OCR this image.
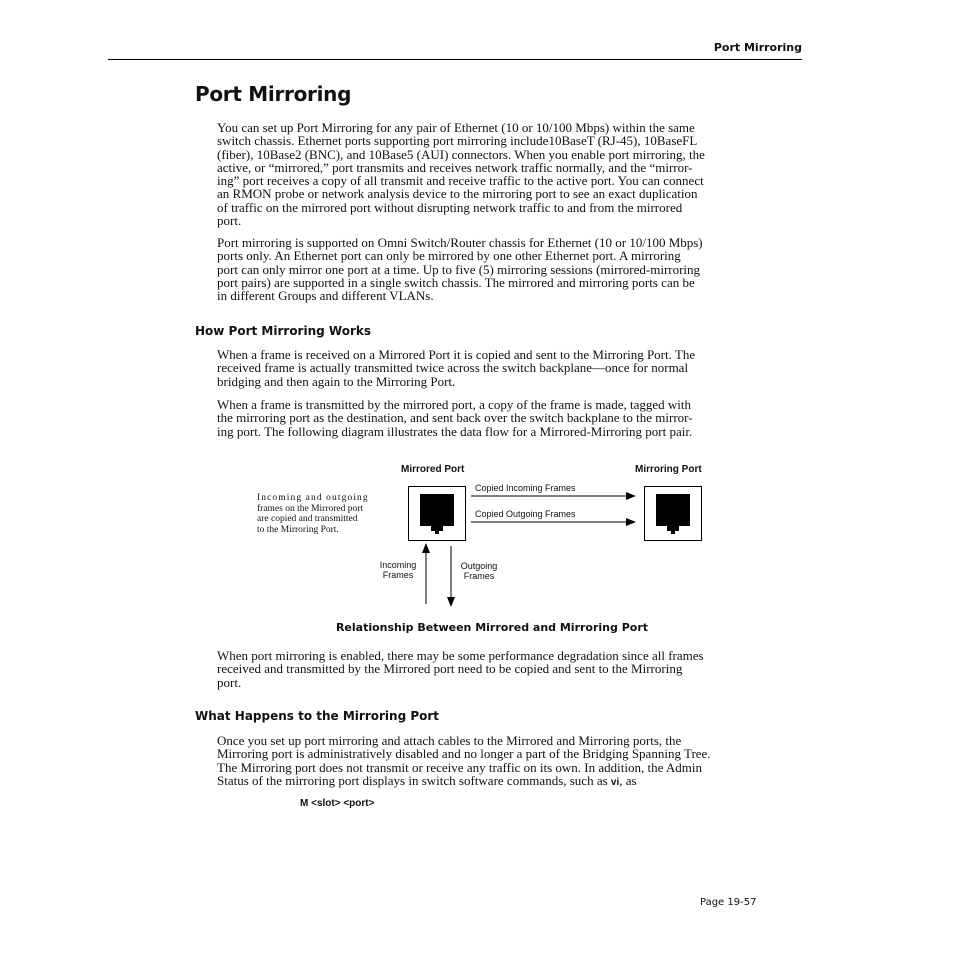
Port Mirroring
Port Mirroring
You can set up Port Mirroring for any pair of Ethernet (10 or 10/100 Mbps) within the same
switch chassis. Ethernet ports supporting port mirroring include10BaseT (RJ-45), 10BaseFL
(fiber), 10Base2 (BNC), and 10Base5 (AUI) connectors. When you enable port mirroring, the
active, or “mirrored,” port transmits and receives network traffic normally, and the “mirror-
ing” port receives a copy of all transmit and receive traffic to the active port. You can connect
an RMON probe or network analysis device to the mirroring port to see an exact duplication
of traffic on the mirrored port without disrupting network traffic to and from the mirrored
port.
Port mirroring is supported on Omni Switch/Router chassis for Ethernet (10 or 10/100 Mbps)
ports only. An Ethernet port can only be mirrored by one other Ethernet port. A mirroring
port can only mirror one port at a time. Up to five (5) mirroring sessions (mirrored-mirroring
port pairs) are supported in a single switch chassis. The mirrored and mirroring ports can be
in different Groups and different VLANs.
How Port Mirroring Works
When a frame is received on a Mirrored Port it is copied and sent to the Mirroring Port. The
received frame is actually transmitted twice across the switch backplane—once for normal
bridging and then again to the Mirroring Port.
When a frame is transmitted by the mirrored port, a copy of the frame is made, tagged with
the mirroring port as the destination, and sent back over the switch backplane to the mirror-
ing port. The following diagram illustrates the data flow for a Mirrored-Mirroring port pair.
Mirrored Port	Mirroring Port
Incoming and outgoing
frames on the Mirrored port
are copied and transmitted
to the Mirroring Port.
Copied Incoming Frames
Copied Outgoing Frames
Incoming
Frames
Outgoing
Frames
Relationship Between Mirrored and Mirroring Port
When port mirroring is enabled, there may be some performance degradation since all frames
received and transmitted by the Mirrored port need to be copied and sent to the Mirroring
port.
What Happens to the Mirroring Port
Once you set up port mirroring and attach cables to the Mirrored and Mirroring ports, the
Mirroring port is administratively disabled and no longer a part of the Bridging Spanning Tree.
The Mirroring port does not transmit or receive any traffic on its own. In addition, the Admin
Status of the mirroring port displays in switch software commands, such as vi, as
M <slot> <port>
Page 19-57
